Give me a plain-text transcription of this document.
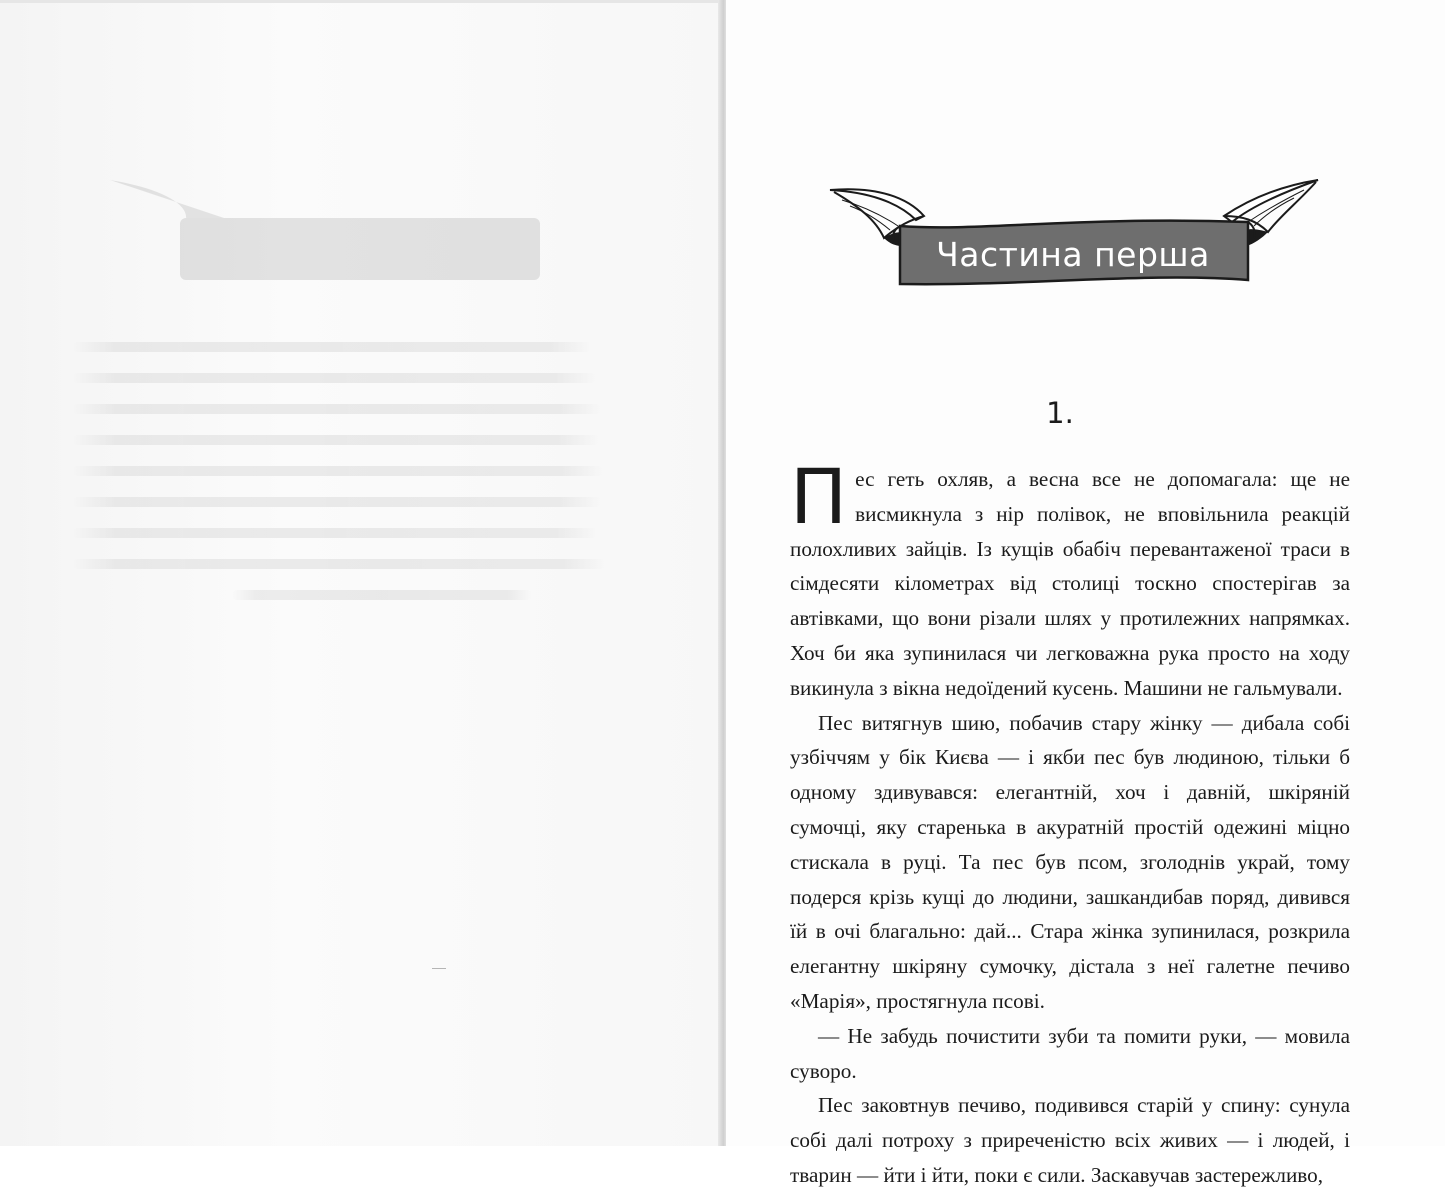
Частина перша
1.

Пес геть охляв, а весна все не допомагала: ще не висмикнула з нір полівок, не вповільнила реакцій полохливих зайців. Із кущів обабіч перевантаженої траси в сімдесяти кілометрах від столиці тоскно спостерігав за автівками, що вони різали шлях у протилежних напрямках. Хоч би яка зупинилася чи легковажна рука просто на ходу викинула з вікна недоїдений кусень. Машини не гальмували.

Пес витягнув шию, побачив стару жінку — дибала собі узбіччям у бік Києва — і якби пес був людиною, тільки б одному здивувався: елегантній, хоч і давній, шкіряній сумочці, яку старенька в акуратній простій одежині міцно стискала в руці. Та пес був псом, зголоднів украй, тому подерся крізь кущі до людини, зашкандибав поряд, дивився їй в очі благально: дай... Стара жінка зупинилася, розкрила елегантну шкіряну сумочку, дістала з неї галетне печиво «Марія», простягнула псові.

— Не забудь почистити зуби та помити руки, — мовила суворо.

Пес заковтнув печиво, подивився старій у спину: сунула собі далі потроху з приреченістю всіх живих — і людей, і тварин — йти і йти, поки є сили. Заскавучав застережливо,
